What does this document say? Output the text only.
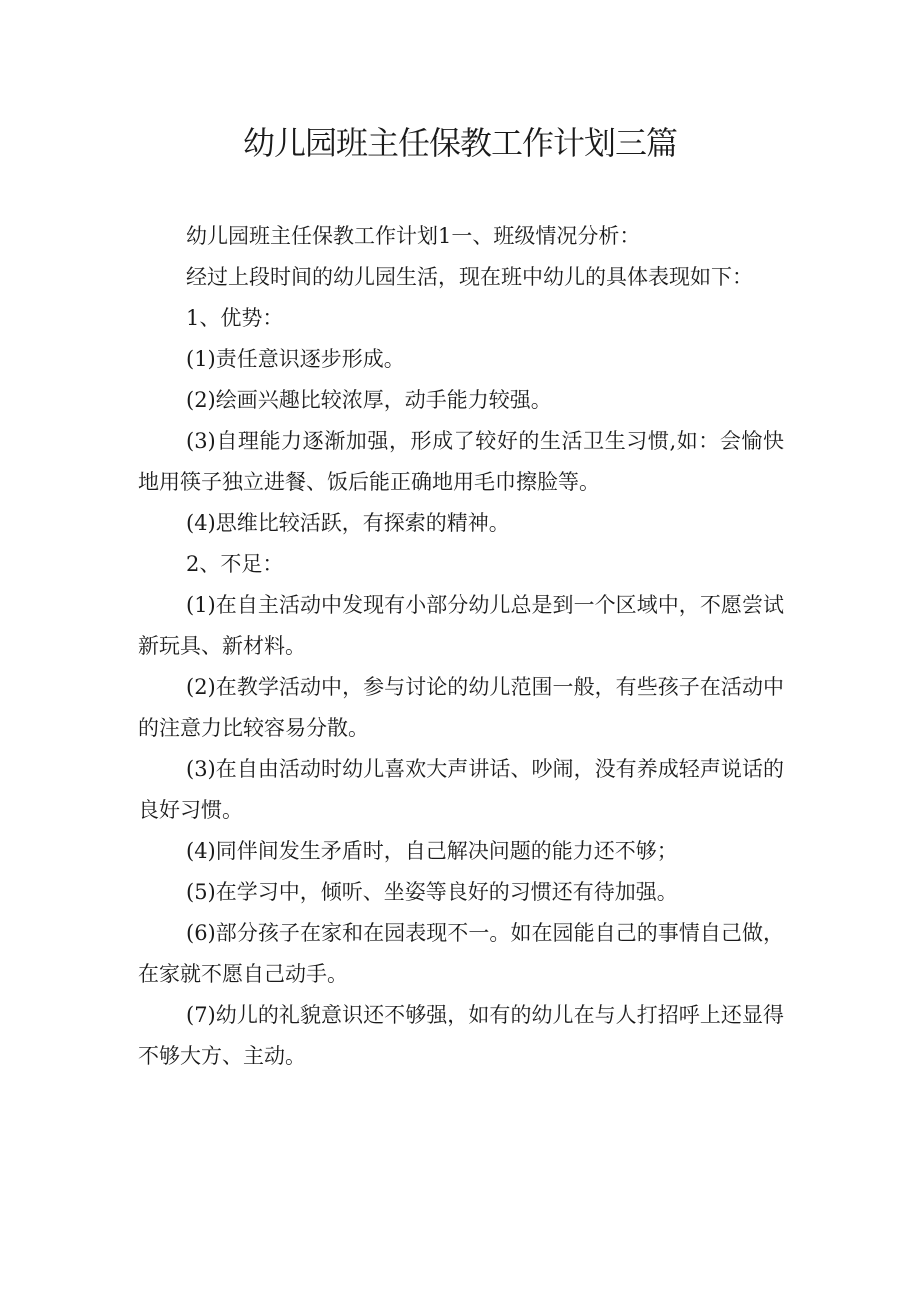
幼儿园班主任保教工作计划三篇

幼儿园班主任保教工作计划1一、班级情况分析：

经过上段时间的幼儿园生活，现在班中幼儿的具体表现如下：

1、优势：

(1)责任意识逐步形成。

(2)绘画兴趣比较浓厚，动手能力较强。

(3)自理能力逐渐加强，形成了较好的生活卫生习惯,如：会愉快地用筷子独立进餐、饭后能正确地用毛巾擦脸等。

(4)思维比较活跃，有探索的精神。

2、不足：

(1)在自主活动中发现有小部分幼儿总是到一个区域中，不愿尝试新玩具、新材料。

(2)在教学活动中，参与讨论的幼儿范围一般，有些孩子在活动中的注意力比较容易分散。

(3)在自由活动时幼儿喜欢大声讲话、吵闹，没有养成轻声说话的良好习惯。

(4)同伴间发生矛盾时，自己解决问题的能力还不够；

(5)在学习中，倾听、坐姿等良好的习惯还有待加强。

(6)部分孩子在家和在园表现不一。如在园能自己的事情自己做，在家就不愿自己动手。

(7)幼儿的礼貌意识还不够强，如有的幼儿在与人打招呼上还显得不够大方、主动。
